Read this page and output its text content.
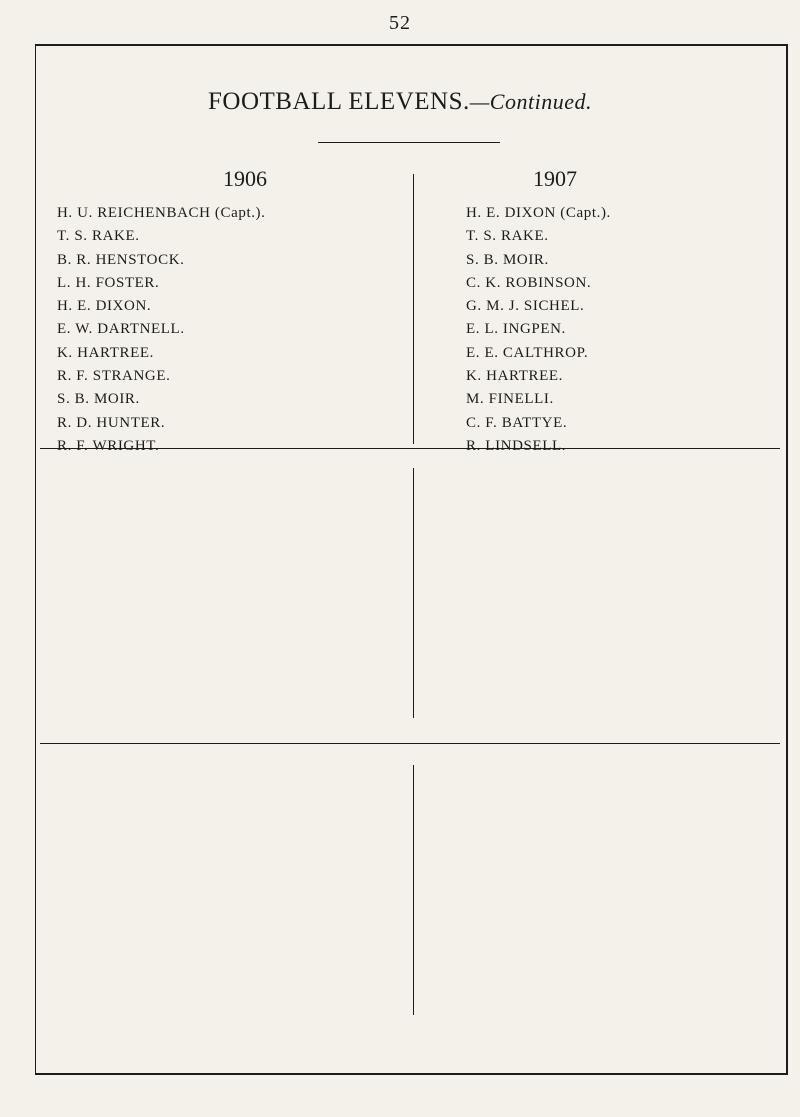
52
FOOTBALL ELEVENS.—Continued.
1906	1907
H. U. REICHENBACH (Capt.).
T. S. RAKE.
B. R. HENSTOCK.
L. H. FOSTER.
H. E. DIXON.
E. W. DARTNELL.
K. HARTREE.
R. F. STRANGE.
S. B. MOIR.
R. D. HUNTER.
R. F. WRIGHT.
H. E. DIXON (Capt.).
T. S. RAKE.
S. B. MOIR.
C. K. ROBINSON.
G. M. J. SICHEL.
E. L. INGPEN.
E. E. CALTHROP.
K. HARTREE.
M. FINELLI.
C. F. BATTYE.
R. LINDSELL.
